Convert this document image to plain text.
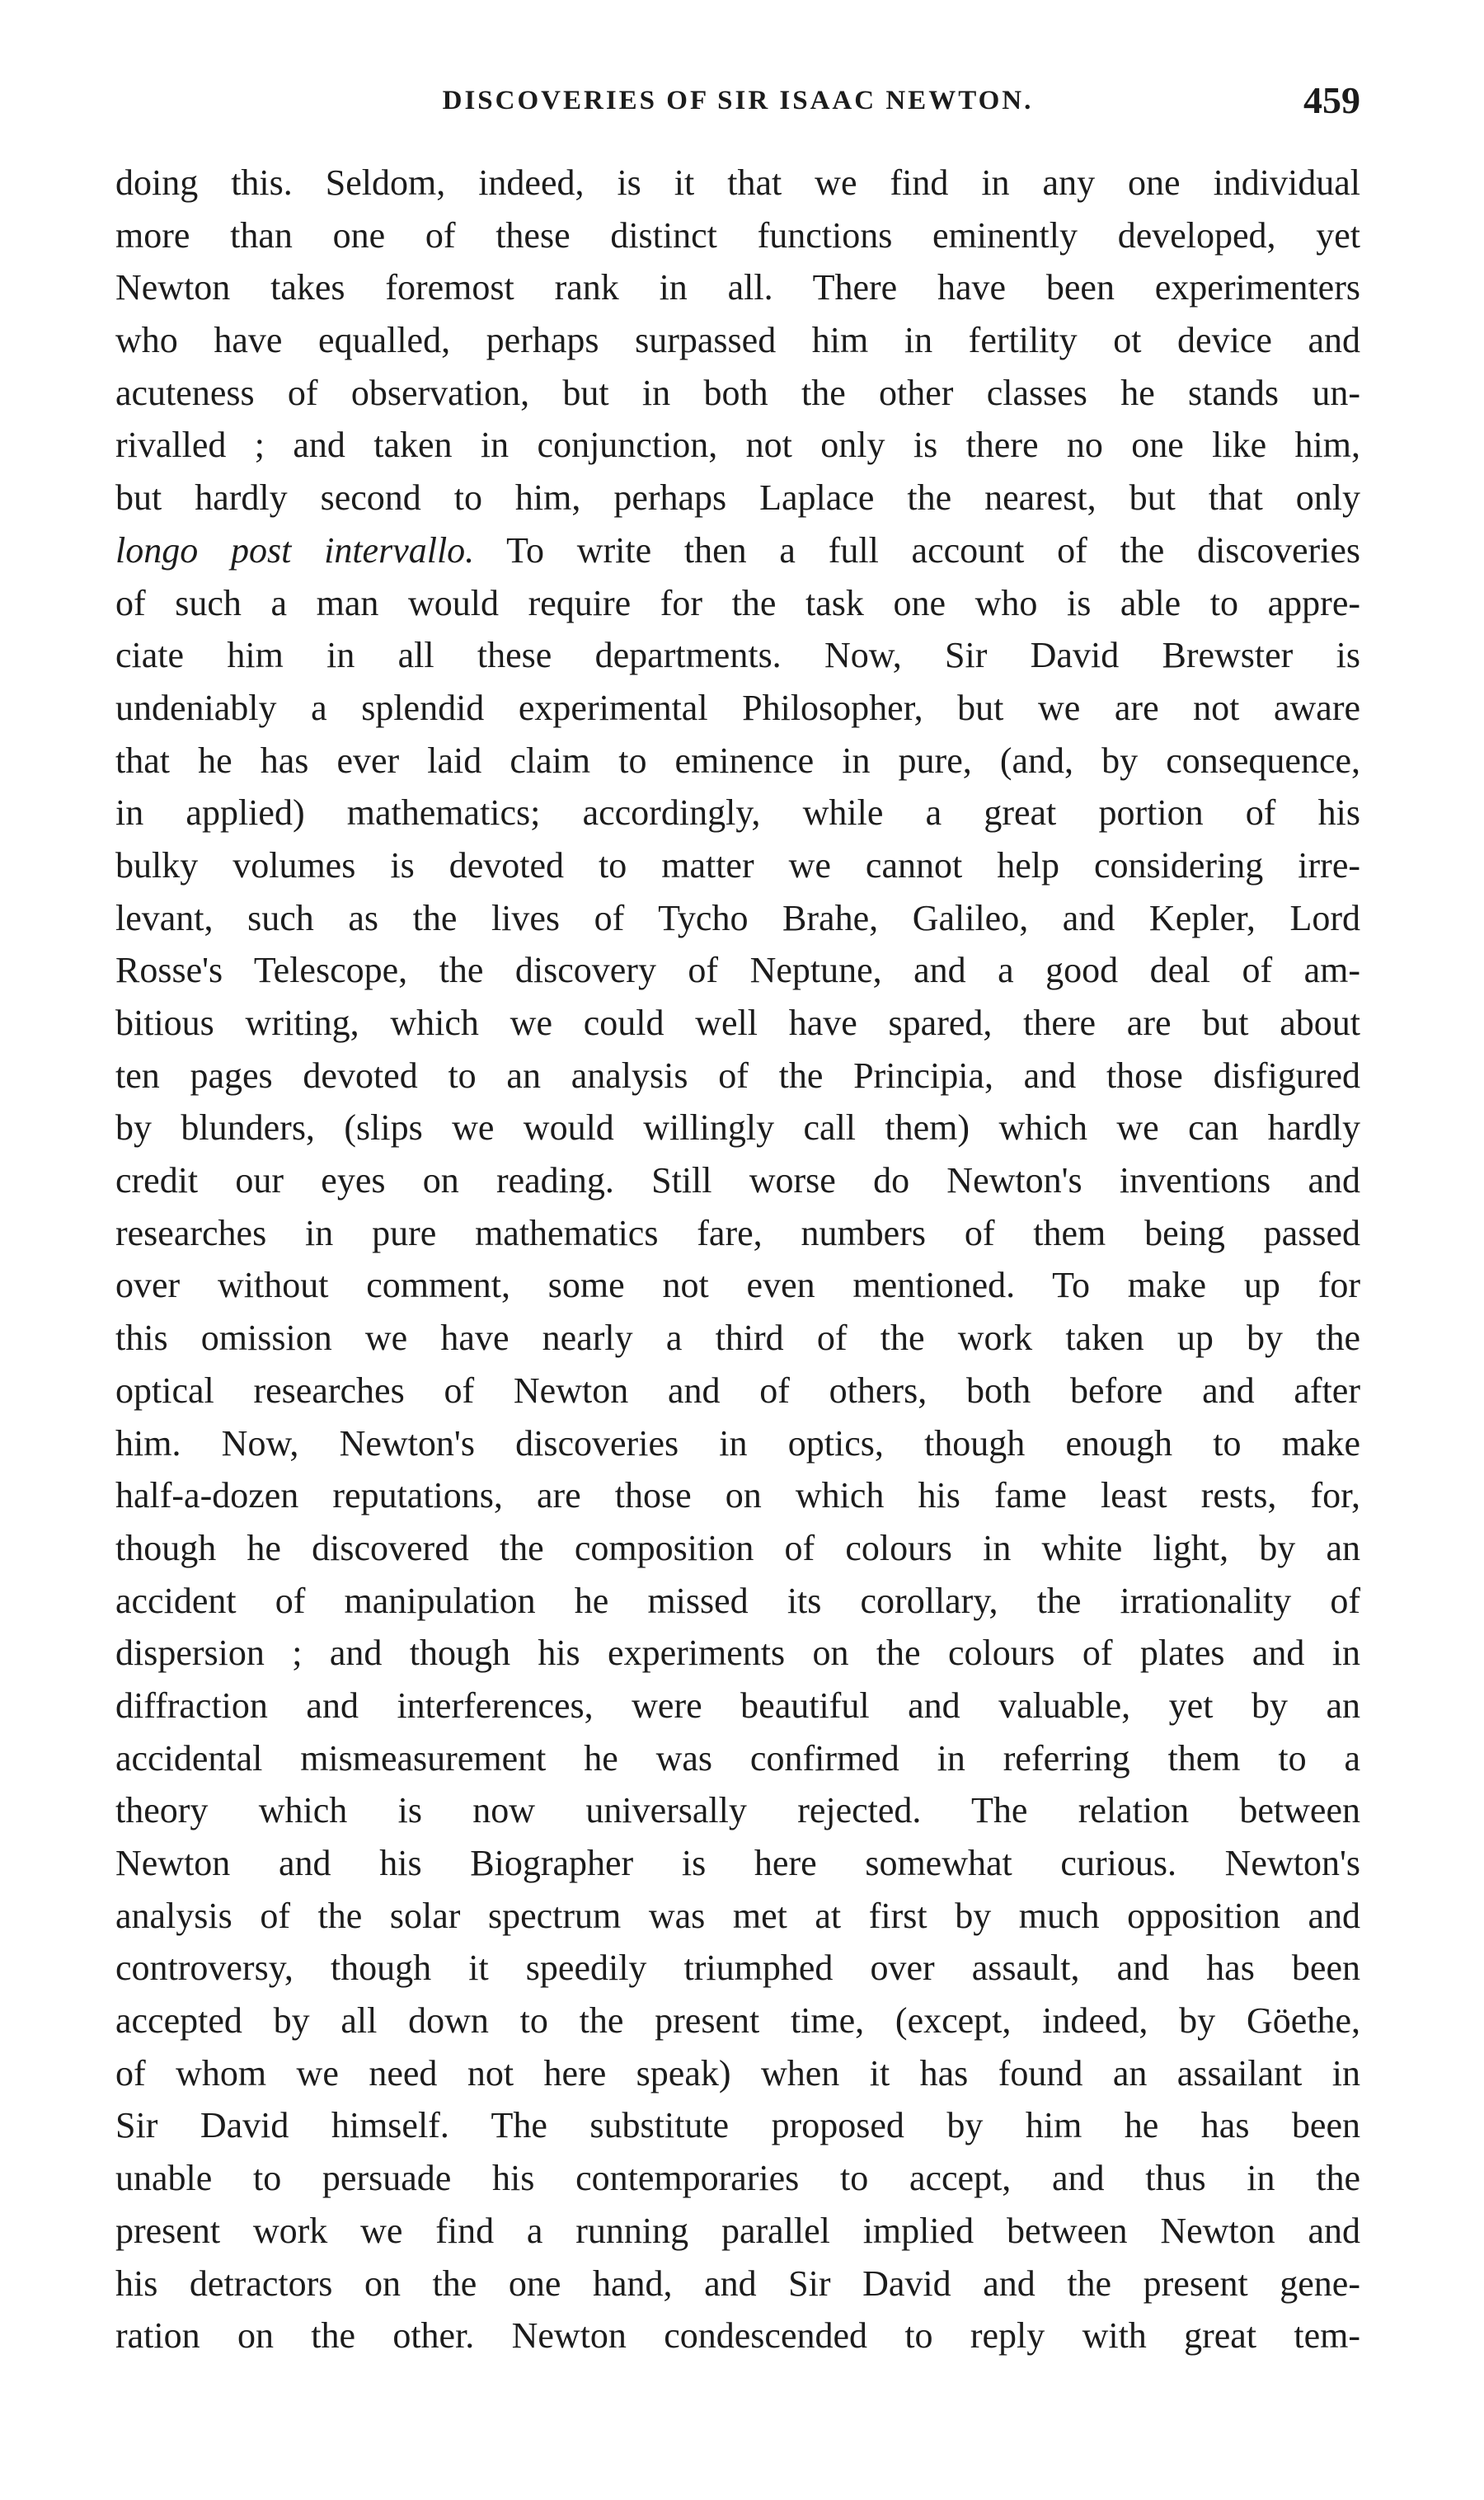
DISCOVERIES OF SIR ISAAC NEWTON.	459
doing this. Seldom, indeed, is it that we find in any one individual
more than one of these distinct functions eminently developed, yet
Newton takes foremost rank in all. There have been experimenters
who have equalled, perhaps surpassed him in fertility ot device and
acuteness of observation, but in both the other classes he stands un-
rivalled ; and taken in conjunction, not only is there no one like him,
but hardly second to him, perhaps Laplace the nearest, but that only
longo post intervallo. To write then a full account of the discoveries
of such a man would require for the task one who is able to appre-
ciate him in all these departments. Now, Sir David Brewster is
undeniably a splendid experimental Philosopher, but we are not aware
that he has ever laid claim to eminence in pure, (and, by consequence,
in applied) mathematics; accordingly, while a great portion of his
bulky volumes is devoted to matter we cannot help considering irre-
levant, such as the lives of Tycho Brahe, Galileo, and Kepler, Lord
Rosse's Telescope, the discovery of Neptune, and a good deal of am-
bitious writing, which we could well have spared, there are but about
ten pages devoted to an analysis of the Principia, and those disfigured
by blunders, (slips we would willingly call them) which we can hardly
credit our eyes on reading. Still worse do Newton's inventions and
researches in pure mathematics fare, numbers of them being passed
over without comment, some not even mentioned. To make up for
this omission we have nearly a third of the work taken up by the
optical researches of Newton and of others, both before and after
him. Now, Newton's discoveries in optics, though enough to make
half-a-dozen reputations, are those on which his fame least rests, for,
though he discovered the composition of colours in white light, by an
accident of manipulation he missed its corollary, the irrationality of
dispersion ; and though his experiments on the colours of plates and in
diffraction and interferences, were beautiful and valuable, yet by an
accidental mismeasurement he was confirmed in referring them to a
theory which is now universally rejected. The relation between
Newton and his Biographer is here somewhat curious. Newton's
analysis of the solar spectrum was met at first by much opposition and
controversy, though it speedily triumphed over assault, and has been
accepted by all down to the present time, (except, indeed, by Göethe,
of whom we need not here speak) when it has found an assailant in
Sir David himself. The substitute proposed by him he has been
unable to persuade his contemporaries to accept, and thus in the
present work we find a running parallel implied between Newton and
his detractors on the one hand, and Sir David and the present gene-
ration on the other. Newton condescended to reply with great tem-
